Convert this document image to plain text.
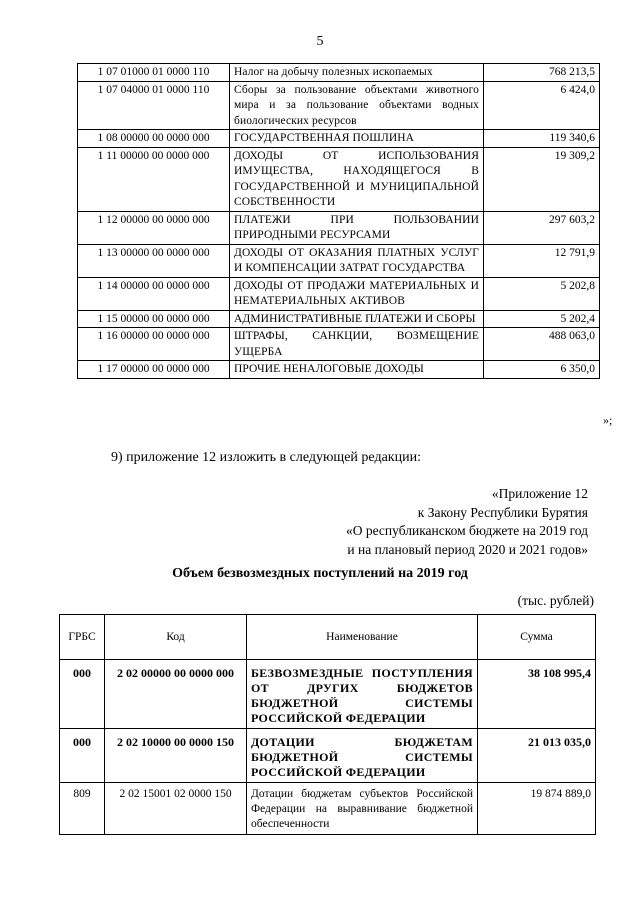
5
1 07 01000 01 0000 110	Налог на добычу полезных ископаемых	768 213,5
1 07 04000 01 0000 110	Сборы за пользование объектами животного мира и за пользование объектами водных биологических ресурсов	6 424,0
1 08 00000 00 0000 000	ГОСУДАРСТВЕННАЯ ПОШЛИНА	119 340,6
1 11 00000 00 0000 000	ДОХОДЫ ОТ ИСПОЛЬЗОВАНИЯ ИМУЩЕСТВА, НАХОДЯЩЕГОСЯ В ГОСУДАРСТВЕННОЙ И МУНИЦИПАЛЬНОЙ СОБСТВЕННОСТИ	19 309,2
1 12 00000 00 0000 000	ПЛАТЕЖИ ПРИ ПОЛЬЗОВАНИИ ПРИРОДНЫМИ РЕСУРСАМИ	297 603,2
1 13 00000 00 0000 000	ДОХОДЫ ОТ ОКАЗАНИЯ ПЛАТНЫХ УСЛУГ И КОМПЕНСАЦИИ ЗАТРАТ ГОСУДАРСТВА	12 791,9
1 14 00000 00 0000 000	ДОХОДЫ ОТ ПРОДАЖИ МАТЕРИАЛЬНЫХ И НЕМАТЕРИАЛЬНЫХ АКТИВОВ	5 202,8
1 15 00000 00 0000 000	АДМИНИСТРАТИВНЫЕ ПЛАТЕЖИ И СБОРЫ	5 202,4
1 16 00000 00 0000 000	ШТРАФЫ, САНКЦИИ, ВОЗМЕЩЕНИЕ УЩЕРБА	488 063,0
1 17 00000 00 0000 000	ПРОЧИЕ НЕНАЛОГОВЫЕ ДОХОДЫ	6 350,0
»;
9) приложение 12 изложить в следующей редакции:
«Приложение 12
к Закону Республики Бурятия
«О республиканском бюджете на 2019 год
и на плановый период 2020 и 2021 годов»
Объем безвозмездных поступлений на 2019 год
(тыс. рублей)
ГРБС	Код	Наименование	Сумма
000	2 02 00000 00 0000 000	БЕЗВОЗМЕЗДНЫЕ ПОСТУПЛЕНИЯ ОТ ДРУГИХ БЮДЖЕТОВ БЮДЖЕТНОЙ СИСТЕМЫ РОССИЙСКОЙ ФЕДЕРАЦИИ	38 108 995,4
000	2 02 10000 00 0000 150	ДОТАЦИИ БЮДЖЕТАМ БЮДЖЕТНОЙ СИСТЕМЫ РОССИЙСКОЙ ФЕДЕРАЦИИ	21 013 035,0
809	2 02 15001 02 0000 150	Дотации бюджетам субъектов Российской Федерации на выравнивание бюджетной обеспеченности	19 874 889,0
